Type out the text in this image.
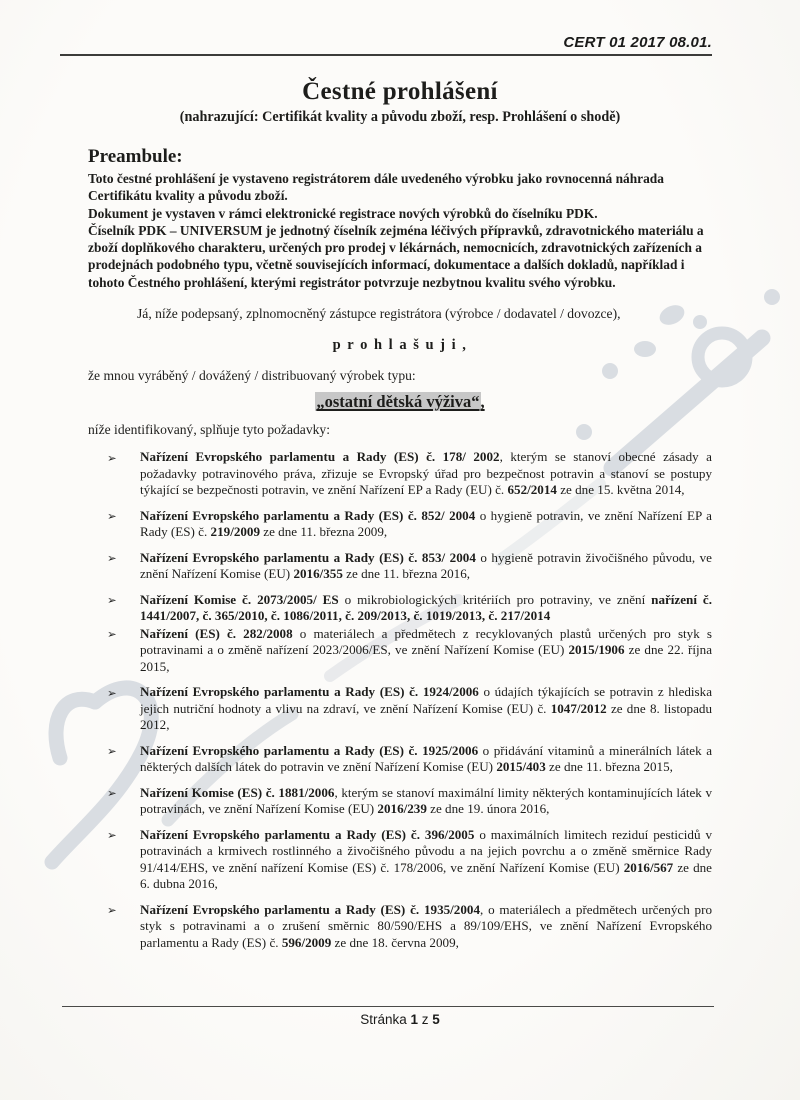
CERT 01 2017 08.01.
Čestné prohlášení
(nahrazující: Certifikát kvality a původu zboží, resp. Prohlášení o shodě)
Preambule:

Toto čestné prohlášení je vystaveno registrátorem dále uvedeného výrobku jako rovnocenná náhrada Certifikátu kvality a původu zboží.

Dokument je vystaven v rámci elektronické registrace nových výrobků do číselníku PDK.

Číselník PDK – UNIVERSUM je jednotný číselník zejména léčivých přípravků, zdravotnického materiálu a zboží doplňkového charakteru, určených pro prodej v lékárnách, nemocnicích, zdravotnických zařízeních a prodejnách podobného typu, včetně souvisejících informací, dokumentace a dalších dokladů, například i tohoto Čestného prohlášení, kterými registrátor potvrzuje nezbytnou kvalitu svého výrobku.

Já, níže podepsaný, zplnomocněný zástupce registrátora (výrobce / dodavatel / dovozce),

p r o h l a š u j i ,

že mnou vyráběný / dovážený / distribuovaný výrobek typu:

„ostatní dětská výživa“,

níže identifikovaný, splňuje tyto požadavky:

➢ Nařízení Evropského parlamentu a Rady (ES) č. 178/ 2002, kterým se stanoví obecné zásady a požadavky potravinového práva, zřizuje se Evropský úřad pro bezpečnost potravin a stanoví se postupy týkající se bezpečnosti potravin, ve znění Nařízení EP a Rady (EU) č. 652/2014 ze dne 15. května 2014,
➢ Nařízení Evropského parlamentu a Rady (ES) č. 852/ 2004 o hygieně potravin, ve znění Nařízení EP a Rady (ES) č. 219/2009 ze dne 11. března 2009,
➢ Nařízení Evropského parlamentu a Rady (ES) č. 853/ 2004 o hygieně potravin živočišného původu, ve znění Nařízení Komise (EU) 2016/355 ze dne 11. března 2016,
➢ Nařízení Komise č. 2073/2005/ ES o mikrobiologických kritériích pro potraviny, ve znění nařízení č. 1441/2007, č. 365/2010, č. 1086/2011, č. 209/2013, č. 1019/2013, č. 217/2014
➢ Nařízení (ES) č. 282/2008 o materiálech a předmětech z recyklovaných plastů určených pro styk s potravinami a o změně nařízení 2023/2006/ES, ve znění Nařízení Komise (EU) 2015/1906 ze dne 22. října 2015,
➢ Nařízení Evropského parlamentu a Rady (ES) č. 1924/2006 o údajích týkajících se potravin z hlediska jejich nutriční hodnoty a vlivu na zdraví, ve znění Nařízení Komise (EU) č. 1047/2012 ze dne 8. listopadu 2012,
➢ Nařízení Evropského parlamentu a Rady (ES) č. 1925/2006 o přidávání vitaminů a minerálních látek a některých dalších látek do potravin ve znění Nařízení Komise (EU) 2015/403 ze dne 11. března 2015,
➢ Nařízení Komise (ES) č. 1881/2006, kterým se stanoví maximální limity některých kontaminujících látek v potravinách, ve znění Nařízení Komise (EU) 2016/239 ze dne 19. února 2016,
➢ Nařízení Evropského parlamentu a Rady (ES) č. 396/2005 o maximálních limitech reziduí pesticidů v potravinách a krmivech rostlinného a živočišného původu a na jejich povrchu a o změně směrnice Rady 91/414/EHS, ve znění nařízení Komise (ES) č. 178/2006, ve znění Nařízení Komise (EU) 2016/567 ze dne 6. dubna 2016,
➢ Nařízení Evropského parlamentu a Rady (ES) č. 1935/2004, o materiálech a předmětech určených pro styk s potravinami a o zrušení směrnic 80/590/EHS a 89/109/EHS, ve znění Nařízení Evropského parlamentu a Rady (ES) č. 596/2009 ze dne 18. června 2009,
Stránka 1 z 5
